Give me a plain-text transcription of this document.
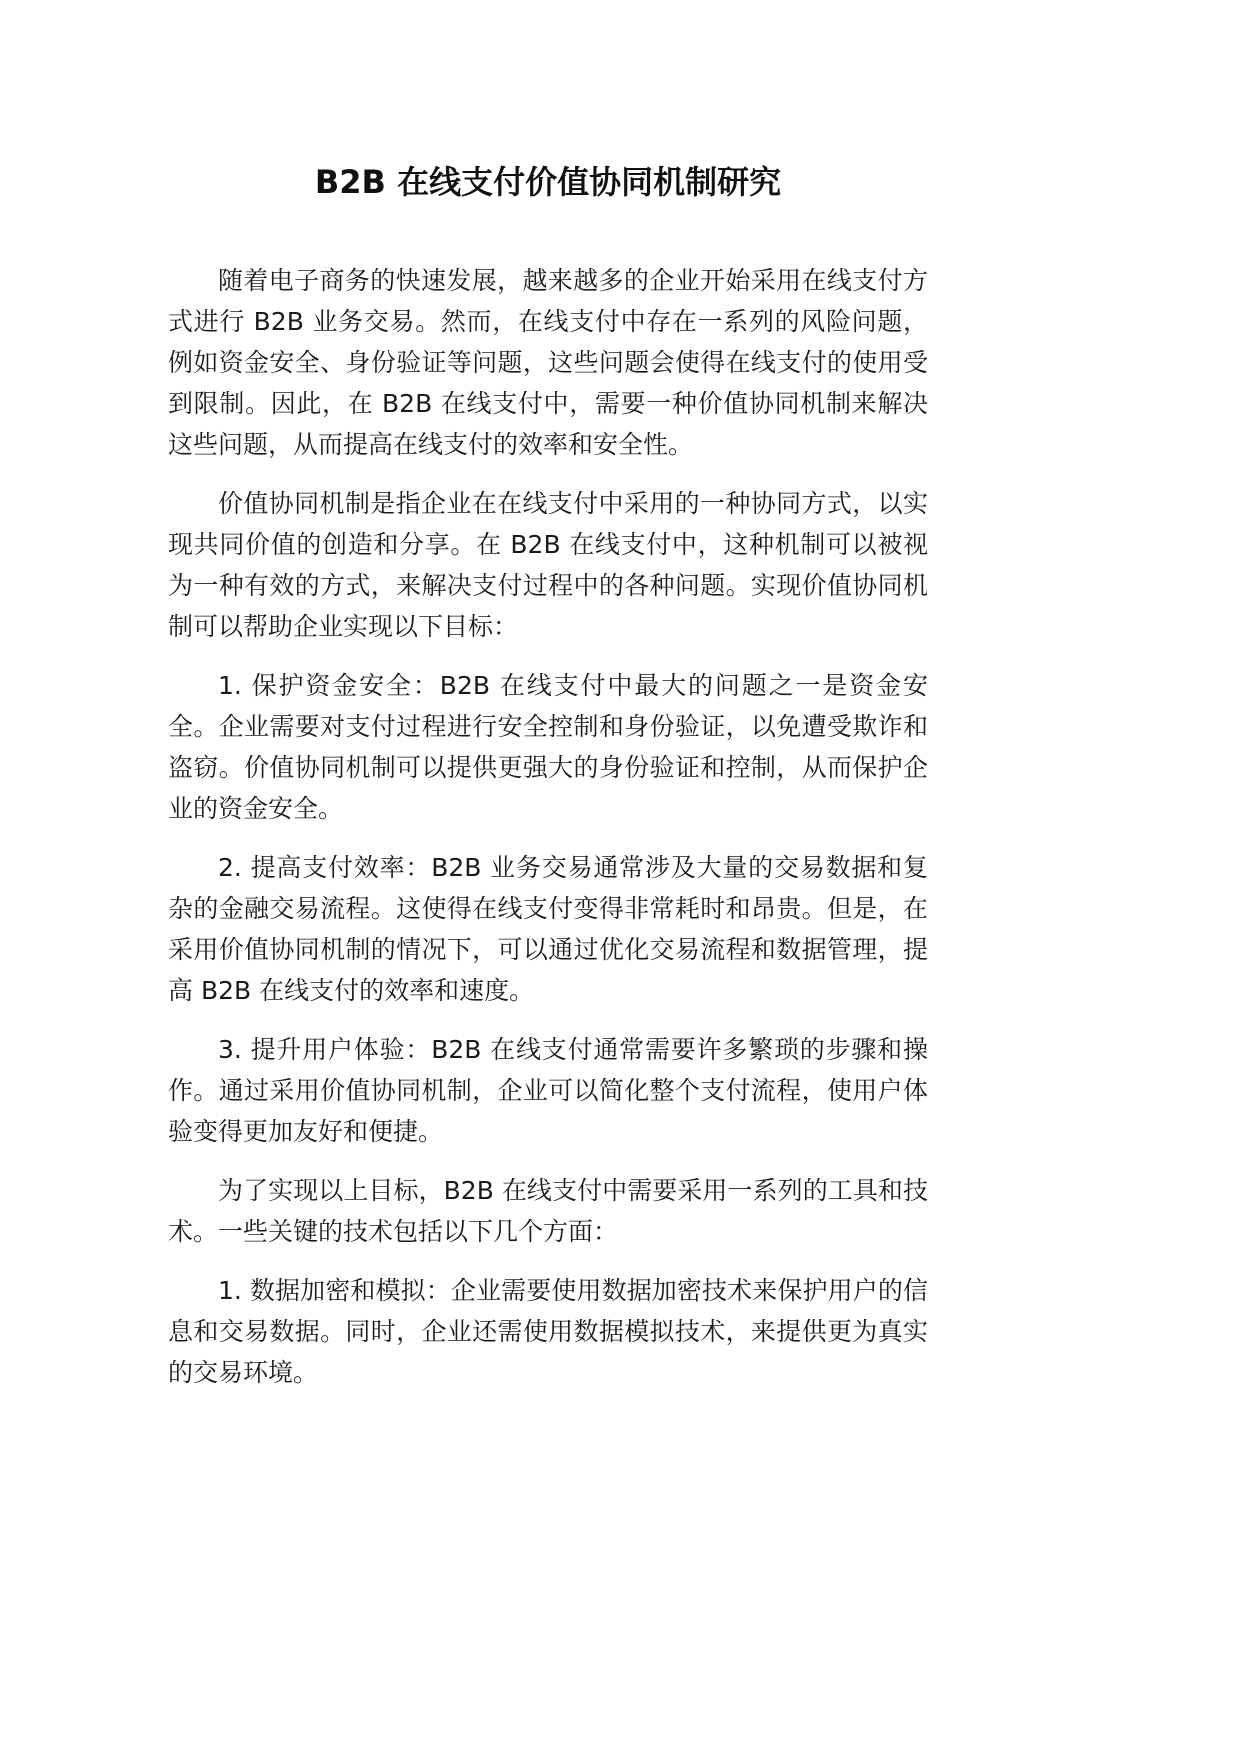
B2B 在线支付价值协同机制研究

随着电子商务的快速发展，越来越多的企业开始采用在线支付方式进行 B2B 业务交易。然而，在线支付中存在一系列的风险问题，例如资金安全、身份验证等问题，这些问题会使得在线支付的使用受到限制。因此，在 B2B 在线支付中，需要一种价值协同机制来解决这些问题，从而提高在线支付的效率和安全性。

价值协同机制是指企业在在线支付中采用的一种协同方式，以实现共同价值的创造和分享。在 B2B 在线支付中，这种机制可以被视为一种有效的方式，来解决支付过程中的各种问题。实现价值协同机制可以帮助企业实现以下目标：

1. 保护资金安全：B2B 在线支付中最大的问题之一是资金安全。企业需要对支付过程进行安全控制和身份验证，以免遭受欺诈和盗窃。价值协同机制可以提供更强大的身份验证和控制，从而保护企业的资金安全。

2. 提高支付效率：B2B 业务交易通常涉及大量的交易数据和复杂的金融交易流程。这使得在线支付变得非常耗时和昂贵。但是，在采用价值协同机制的情况下，可以通过优化交易流程和数据管理，提高 B2B 在线支付的效率和速度。

3. 提升用户体验：B2B 在线支付通常需要许多繁琐的步骤和操作。通过采用价值协同机制，企业可以简化整个支付流程，使用户体验变得更加友好和便捷。

为了实现以上目标，B2B 在线支付中需要采用一系列的工具和技术。一些关键的技术包括以下几个方面：

1. 数据加密和模拟：企业需要使用数据加密技术来保护用户的信息和交易数据。同时，企业还需使用数据模拟技术，来提供更为真实的交易环境。
